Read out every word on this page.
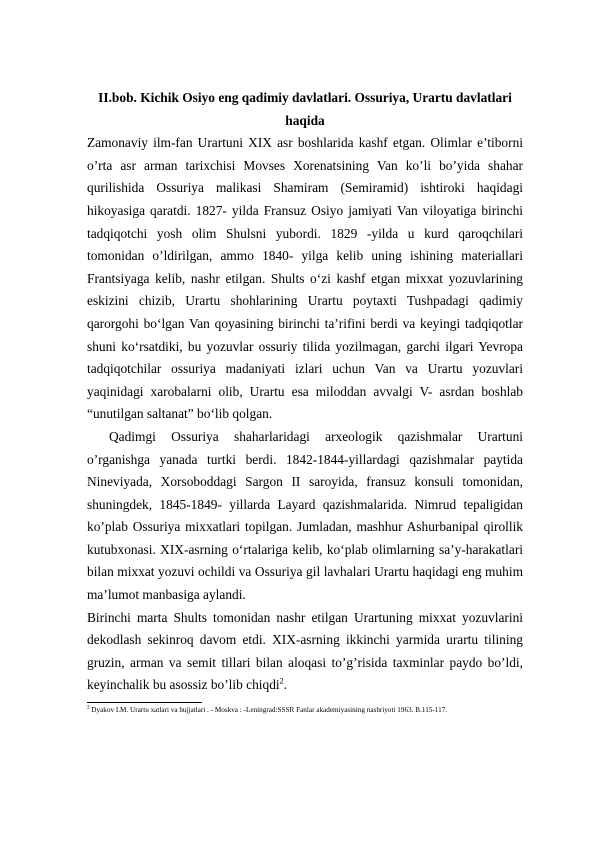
II.bob. Kichik Osiyo eng qadimiy davlatlari. Ossuriya, Urartu davlatlari haqida

Zamonaviy ilm-fan Urartuni XIX asr boshlarida kashf etgan. Olimlar e’tiborni o’rta asr arman tarixchisi Movses Xorenatsining Van ko’li bo’yida shahar qurilishida Ossuriya malikasi Shamiram (Semiramid) ishtiroki haqidagi hikoyasiga qaratdi. 1827- yilda Fransuz Osiyo jamiyati Van viloyatiga birinchi tadqiqotchi yosh olim Shulsni yubordi. 1829 -yilda u kurd qaroqchilari tomonidan o’ldirilgan, ammo 1840- yilga kelib uning ishining materiallari Frantsiyaga kelib, nashr etilgan. Shults o‘zi kashf etgan mixxat yozuvlarining eskizini chizib, Urartu shohlarining Urartu poytaxti Tushpadagi qadimiy qarorgohi bo‘lgan Van qoyasining birinchi taʼrifini berdi va keyingi tadqiqotlar shuni ko‘rsatdiki, bu yozuvlar ossuriy tilida yozilmagan, garchi ilgari Yevropa tadqiqotchilar ossuriya madaniyati izlari uchun Van va Urartu yozuvlari yaqinidagi xarobalarni olib, Urartu esa miloddan avvalgi V- asrdan boshlab “unutilgan saltanat” bo‘lib qolgan.

Qadimgi Ossuriya shaharlaridagi arxeologik qazishmalar Urartuni o’rganishga yanada turtki berdi. 1842-1844-yillardagi qazishmalar paytida Nineviyada, Xorsoboddagi Sargon II saroyida, fransuz konsuli tomonidan, shuningdek, 1845-1849- yillarda Layard qazishmalarida. Nimrud tepaligidan ko’plab Ossuriya mixxatlari topilgan. Jumladan, mashhur Ashurbanipal qirollik kutubxonasi. XIX-asrning o‘rtalariga kelib, ko‘plab olimlarning saʼy-harakatlari bilan mixxat yozuvi ochildi va Ossuriya gil lavhalari Urartu haqidagi eng muhim maʼlumot manbasiga aylandi.

Birinchi marta Shults tomonidan nashr etilgan Urartuning mixxat yozuvlarini dekodlash sekinroq davom etdi. XIX-asrning ikkinchi yarmida urartu tilining gruzin, arman va semit tillari bilan aloqasi to’g’risida taxminlar paydo bo’ldi, keyinchalik bu asossiz bo’lib chiqdi$^2$.

$^2$ Dyakov I.M. Urartu xatlari va hujjatlari . - Moskva : -Leningrad:SSSR Fanlar akademiyasining nashriyoti 1963. B.115-117.
